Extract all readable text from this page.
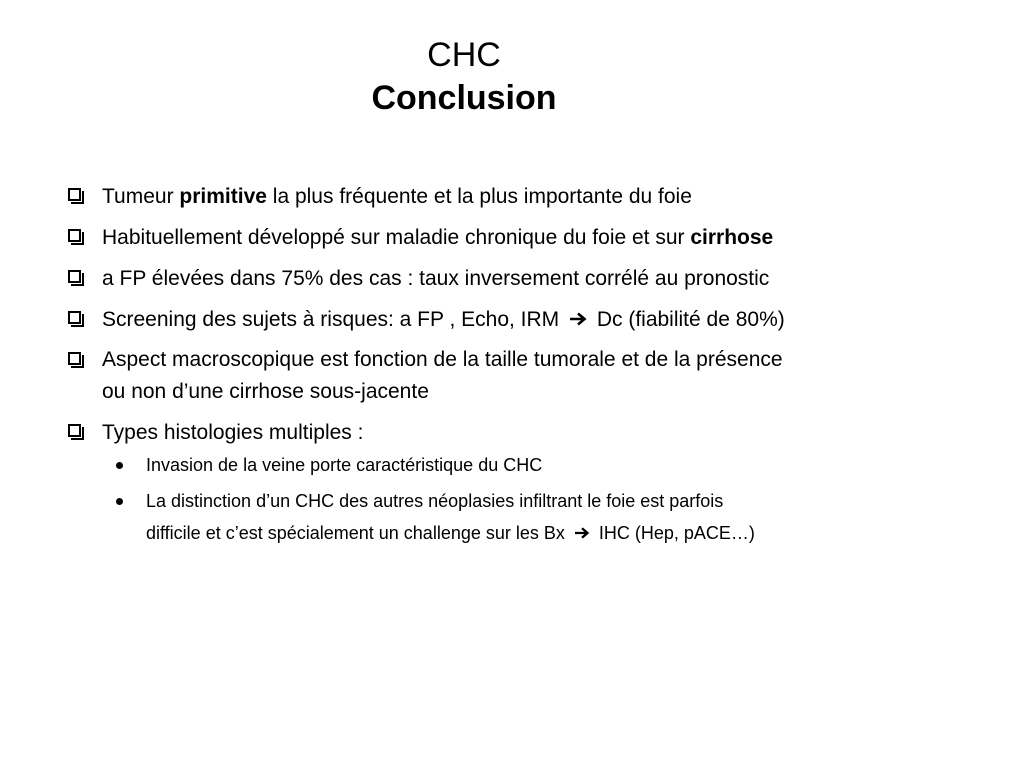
CHC
Conclusion
Tumeur primitive la plus fréquente et la plus importante du foie
Habituellement développé sur maladie chronique du foie et sur cirrhose
a FP élevées dans 75% des cas : taux inversement corrélé au pronostic
Screening des sujets à risques: a FP , Echo, IRM  Dc (fiabilité de 80%)
Aspect macroscopique est fonction de la taille tumorale et de la présence
ou non d’une cirrhose sous-jacente
Types histologies multiples :
Invasion de la veine porte caractéristique du CHC
La distinction d’un CHC des autres néoplasies infiltrant le foie est parfois
difficile et c’est spécialement un challenge sur les Bx  IHC (Hep, pACE…)
